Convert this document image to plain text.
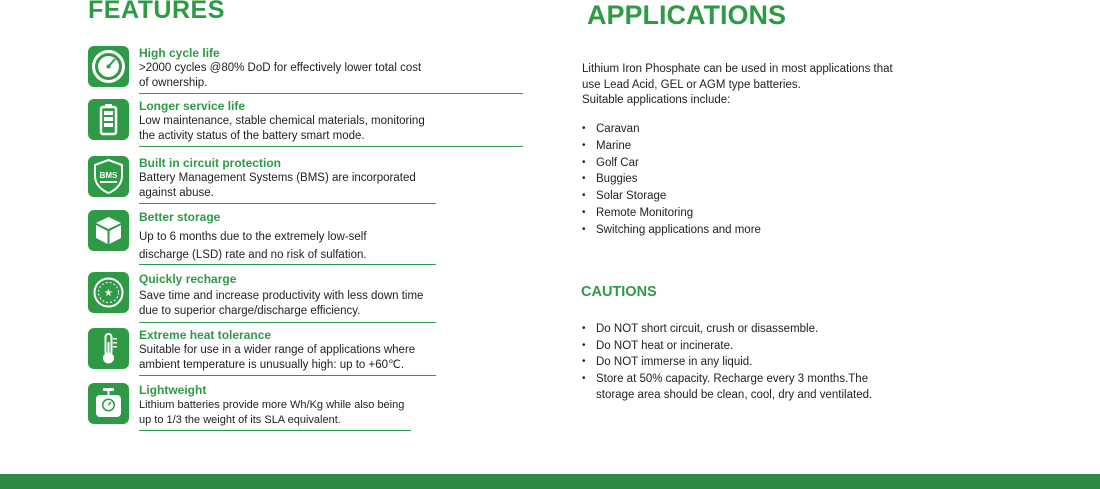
FEATURES
High cycle life
>2000 cycles @80% DoD for effectively lower total cost
of ownership.
Longer service life
Low maintenance, stable chemical materials, monitoring
the activity status of the battery smart mode.
BMS
Built in circuit protection
Battery Management Systems (BMS) are incorporated
against abuse.
Better storage
Up to 6 months due to the extremely low-self
discharge (LSD) rate and no risk of sulfation.
★
Quickly recharge
Save time and increase productivity with less down time
due to superior charge/discharge efficiency.
Extreme heat tolerance
Suitable for use in a wider range of applications where
ambient temperature is unusually high: up to +60℃.
Lightweight
Lithium batteries provide more Wh/Kg while also being
up to 1/3 the weight of its SLA equivalent.
APPLICATIONS
Lithium Iron Phosphate can be used in most applications that
use Lead Acid, GEL or AGM type batteries.
Suitable applications include:
• Caravan
• Marine
• Golf Car
• Buggies
• Solar Storage
• Remote Monitoring
• Switching applications and more
CAUTIONS
• Do NOT short circuit, crush or disassemble.
• Do NOT heat or incinerate.
• Do NOT immerse in any liquid.
• Store at 50% capacity. Recharge every 3 months.The
storage area should be clean, cool, dry and ventilated.
